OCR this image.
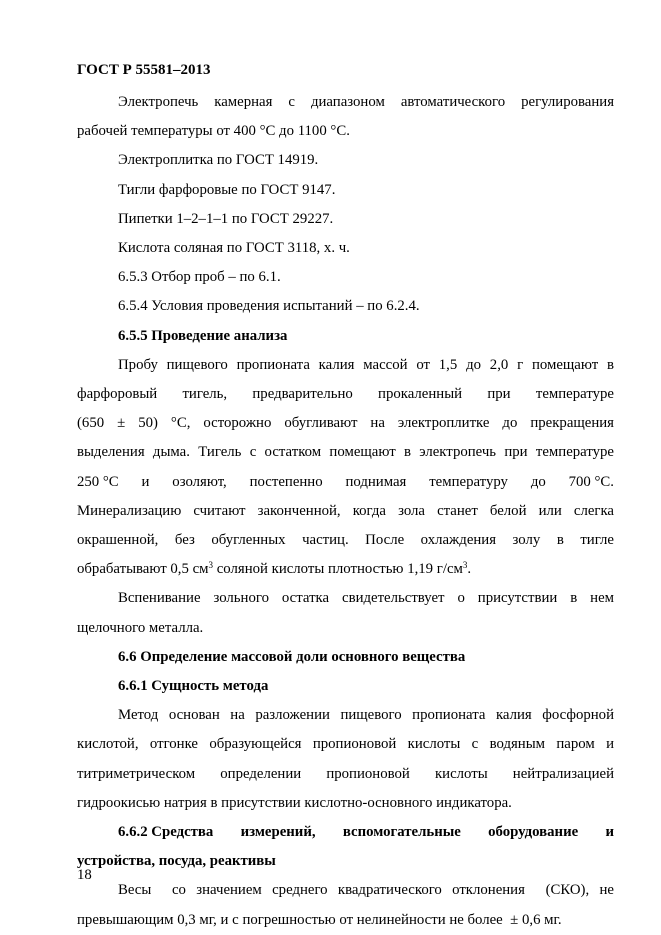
ГОСТ Р 55581–2013
Электропечь камерная с диапазоном автоматического регулирования
рабочей температуры от 400 °С до 1100 °С.
Электроплитка по ГОСТ 14919.
Тигли фарфоровые по ГОСТ 9147.
Пипетки 1–2–1–1 по ГОСТ 29227.
Кислота соляная по ГОСТ 3118, х. ч.
6.5.3 Отбор проб – по 6.1.
6.5.4 Условия проведения испытаний – по 6.2.4.
6.5.5 Проведение анализа
Пробу пищевого пропионата калия массой от 1,5 до 2,0 г помещают в
фарфоровый тигель, предварительно прокаленный при температуре
(650 ± 50) °С, осторожно обугливают на электроплитке до прекращения
выделения дыма. Тигель с остатком помещают в электропечь при температуре
250 °С и озоляют, постепенно поднимая температуру до 700 °С.
Минерализацию считают законченной, когда зола станет белой или слегка
окрашенной, без обугленных частиц. После охлаждения золу в тигле
обрабатывают 0,5 $см^3$ соляной кислоты плотностью 1,19 $г/см^3$.
Вспенивание зольного остатка свидетельствует о присутствии в нем
щелочного металла.
6.6 Определение массовой доли основного вещества
6.6.1 Сущность метода
Метод основан на разложении пищевого пропионата калия фосфорной
кислотой, отгонке образующейся пропионовой кислоты с водяным паром и
титриметрическом определении пропионовой кислоты нейтрализацией
гидроокисью натрия в присутствии кислотно-основного индикатора.
6.6.2 Средства измерений, вспомогательные оборудование и
устройства, посуда, реактивы
Весы  со значением среднего квадратического отклонения  (СКО), не
превышающим 0,3 мг, и с погрешностью от нелинейности не более  ± 0,6 мг.
18
